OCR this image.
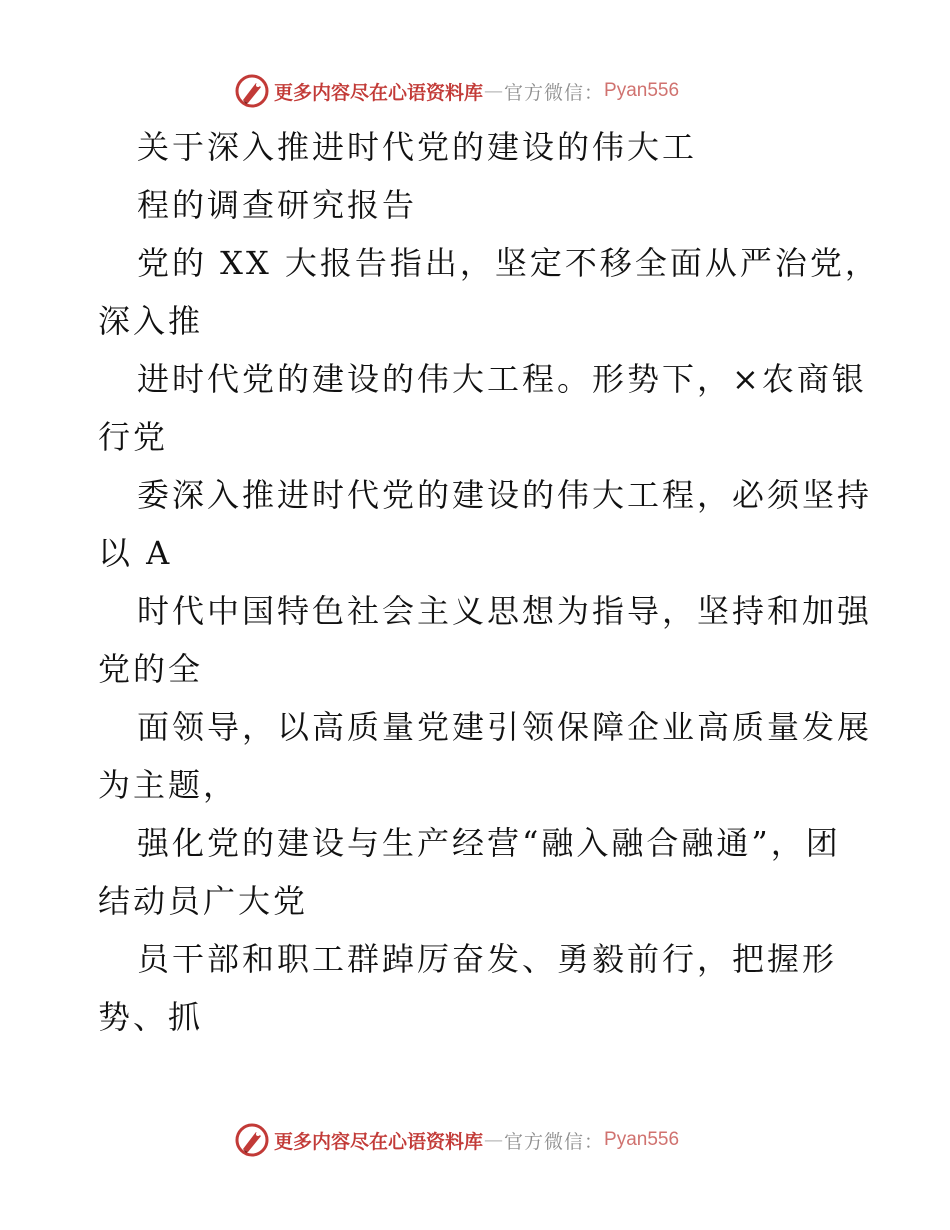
更多内容尽在心语资料库 — 官方微信： Pyan556
关于深入推进时代党的建设的伟大工
程的调查研究报告
党的 XX 大报告指出，坚定不移全面从严治党，
深入推
进时代党的建设的伟大工程。形势下，×农商银
行党
委深入推进时代党的建设的伟大工程，必须坚持
以 A
时代中国特色社会主义思想为指导，坚持和加强
党的全
面领导，以高质量党建引领保障企业高质量发展
为主题，
强化党的建设与生产经营“融入融合融通”，团
结动员广大党
员干部和职工群踔厉奋发、勇毅前行，把握形
势、抓
更多内容尽在心语资料库 — 官方微信： Pyan556
